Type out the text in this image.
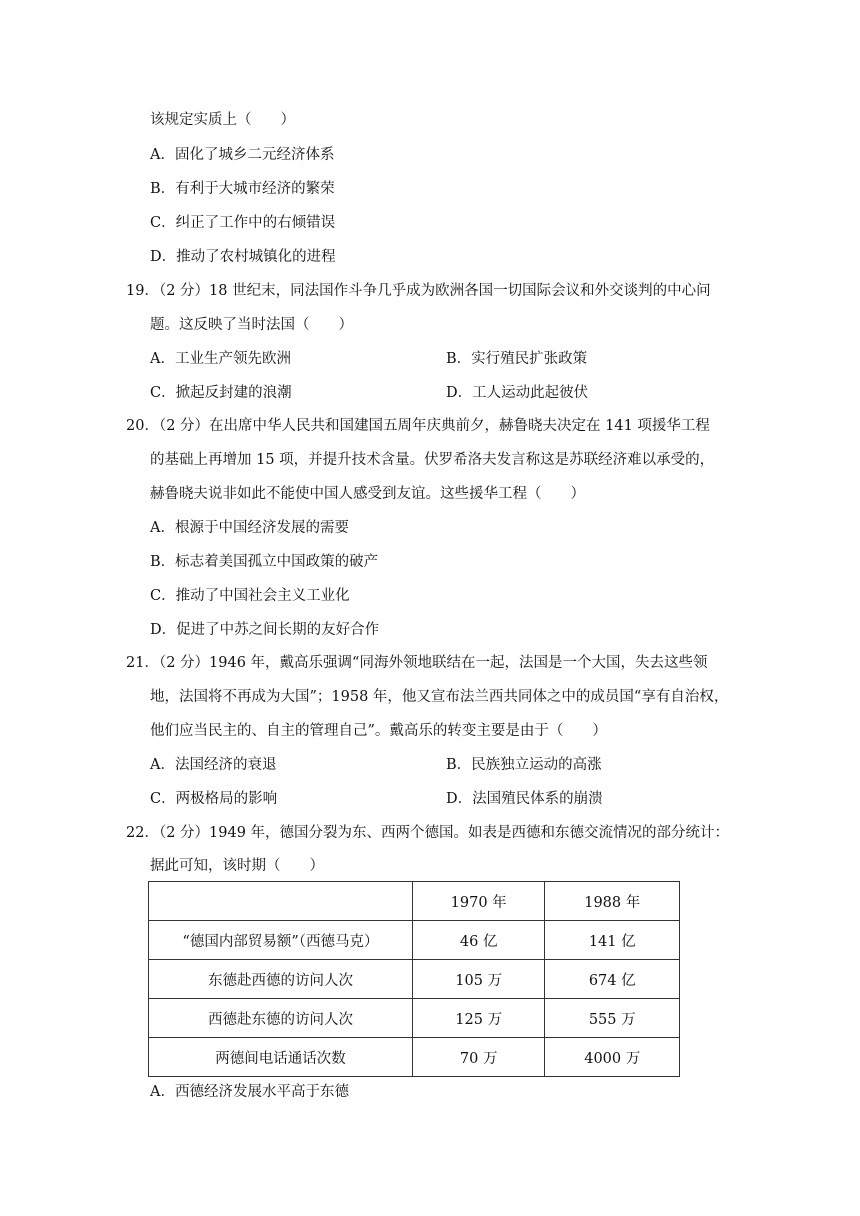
该规定实质上（　　）
A．固化了城乡二元经济体系
B．有利于大城市经济的繁荣
C．纠正了工作中的右倾错误
D．推动了农村城镇化的进程
19．（2 分）18 世纪末，同法国作斗争几乎成为欧洲各国一切国际会议和外交谈判的中心问
题。这反映了当时法国（　　）
A．工业生产领先欧洲	B．实行殖民扩张政策
C．掀起反封建的浪潮	D．工人运动此起彼伏
20．（2 分）在出席中华人民共和国建国五周年庆典前夕，赫鲁晓夫决定在 141 项援华工程
的基础上再增加 15 项，并提升技术含量。伏罗希洛夫发言称这是苏联经济难以承受的，
赫鲁晓夫说非如此不能使中国人感受到友谊。这些援华工程（　　）
A．根源于中国经济发展的需要
B．标志着美国孤立中国政策的破产
C．推动了中国社会主义工业化
D．促进了中苏之间长期的友好合作
21．（2 分）1946 年，戴高乐强调“同海外领地联结在一起，法国是一个大国，失去这些领
地，法国将不再成为大国”；1958 年，他又宣布法兰西共同体之中的成员国“享有自治权，
他们应当民主的、自主的管理自己”。戴高乐的转变主要是由于（　　）
A．法国经济的衰退	B．民族独立运动的高涨
C．两极格局的影响	D．法国殖民体系的崩溃
22．（2 分）1949 年，德国分裂为东、西两个德国。如表是西德和东德交流情况的部分统计：
据此可知，该时期（　　）
	1970 年	1988 年
“德国内部贸易额”（西德马克）	46 亿	141 亿
东德赴西德的访问人次	105 万	674 亿
西德赴东德的访问人次	125 万	555 万
两德间电话通话次数	70 万	4000 万
A．西德经济发展水平高于东德
